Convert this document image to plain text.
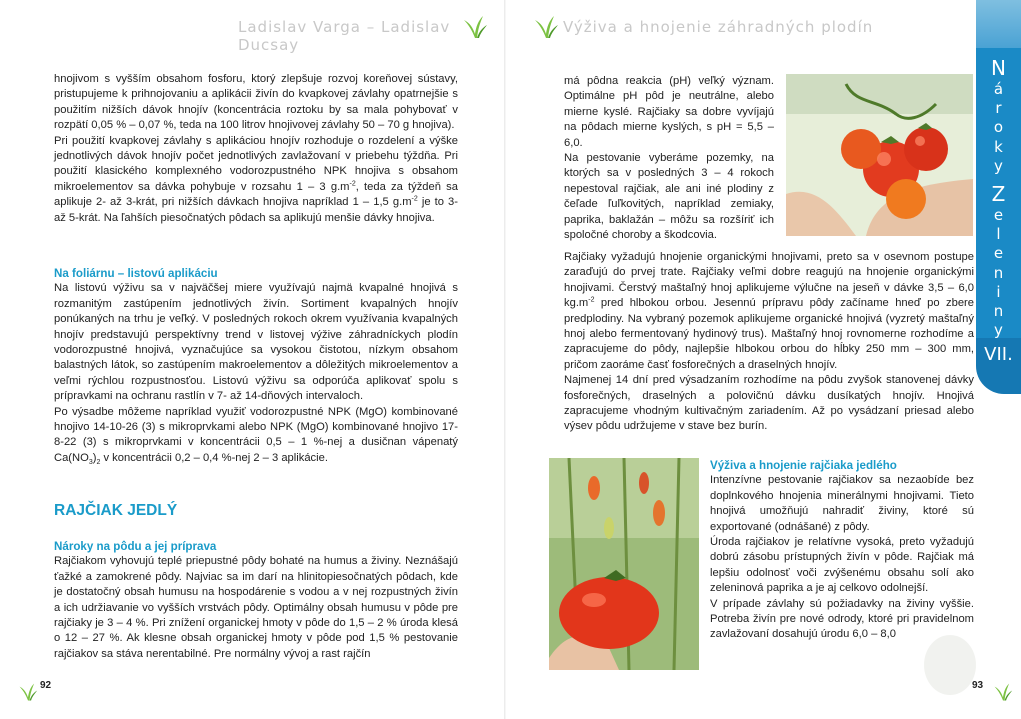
Ladislav Varga – Ladislav Ducsay

hnojivom s vyšším obsahom fosforu, ktorý zlepšuje rozvoj koreňovej sústavy, pristupujeme k prihnojovaniu a aplikácii živín do kvapkovej závlahy opatrnejšie s použitím nižších dávok hnojív (koncentrácia roztoku by sa mala pohybovať v rozpätí 0,05 % – 0,07 %, teda na 100 litrov hnojivovej závlahy 50 – 70 g hnojiva).

Pri použití kvapkovej závlahy s aplikáciou hnojív rozhoduje o rozdelení a výške jednotlivých dávok hnojív počet jednotlivých zavlažovaní v priebehu týždňa. Pri použití klasického komplexného vodorozpustného NPK hnojiva s obsahom mikroelementov sa dávka pohybuje v rozsahu 1 – 3 $g.m^{-2}$, teda za týždeň sa aplikuje 2- až 3-krát, pri nižších dávkach hnojiva napríklad 1 – 1,5 $g.m^{-2}$ je to 3- až 5-krát. Na ľahších piesočnatých pôdach sa aplikujú menšie dávky hnojiva.

Na foliárnu – listovú aplikáciu

Na listovú výživu sa v najväčšej miere využívajú najmä kvapalné hnojivá s rozmanitým zastúpením jednotlivých živín. Sortiment kvapalných hnojív ponúkaných na trhu je veľký. V posledných rokoch okrem využívania kvapalných hnojív predstavujú perspektívny trend v listovej výžive záhradníckych plodín vodorozpustné hnojivá, vyznačujúce sa vysokou čistotou, nízkym obsahom balastných látok, so zastúpením makroelementov a dôležitých mikroelementov a veľmi rýchlou rozpustnosťou. Listovú výživu sa odporúča aplikovať spolu s prípravkami na ochranu rastlín v 7- až 14-dňových intervaloch.

Po výsadbe môžeme napríklad využiť vodorozpustné NPK (MgO) kombinované hnojivo 14-10-26 (3) s mikroprvkami alebo NPK (MgO) kombinované hnojivo 17-8-22 (3) s mikroprvkami v koncentrácii 0,5 – 1 %-nej a dusičnan vápenatý $Ca(NO_3)_2$ v koncentrácii 0,2 – 0,4 %-nej 2 – 3 aplikácie.

RAJČIAK JEDLÝ

Nároky na pôdu a jej príprava

Rajčiakom vyhovujú teplé priepustné pôdy bohaté na humus a živiny. Neznášajú ťažké a zamokrené pôdy. Najviac sa im darí na hlinitopiesočnatých pôdach, kde je dostatočný obsah humusu na hospodárenie s vodou a v nej rozpustných živín a ich udržiavanie vo vyšších vrstvách pôdy. Optimálny obsah humusu v pôde pre rajčiaky je 3 – 4 %. Pri znížení organickej hmoty v pôde do 1,5 – 2 % úroda klesá o 12 – 27 %. Ak klesne obsah organickej hmoty v pôde pod 1,5 % pestovanie rajčiakov sa stáva nerentabilné. Pre normálny vývoj a rast rajčín

92
Výživa a hnojenie záhradných plodín

má pôdna reakcia (pH) veľký význam. Optimálne pH pôd je neutrálne, alebo mierne kyslé. Rajčiaky sa dobre vyvíjajú na pôdach mierne kyslých, s pH = 5,5 – 6,0.

Na pestovanie vyberáme pozemky, na ktorých sa v posledných 3 – 4 rokoch nepestoval rajčiak, ale ani iné plodiny z čeľade ľuľkovitých, napríklad zemiaky, paprika, baklažán – môžu sa rozšíriť ich spoločné choroby a škodcovia.

Rajčiaky vyžadujú hnojenie organickými hnojivami, preto sa v osevnom postupe zaraďujú do prvej trate. Rajčiaky veľmi dobre reagujú na hnojenie organickými hnojivami. Čerstvý maštaľný hnoj aplikujeme výlučne na jeseň v dávke 3,5 – 6,0 $kg.m^{-2}$ pred hlbokou orbou. Jesennú prípravu pôdy začíname hneď po zbere predplodiny. Na vybraný pozemok aplikujeme organické hnojivá (vyzretý maštaľný hnoj alebo fermentovaný hydinový trus). Maštaľný hnoj rovnomerne rozhodíme a zapracujeme do pôdy, najlepšie hlbokou orbou do hĺbky 250 mm – 300 mm, pričom zaoráme časť fosforečných a draselných hnojív.

Najmenej 14 dní pred výsadzaním rozhodíme na pôdu zvyšok stanovenej dávky fosforečných, draselných a polovičnú dávku dusíkatých hnojív. Hnojivá zapracujeme vhodným kultivačným zariadením. Až po vysádzaní priesad alebo výsev pôdu udržujeme v stave bez burín.

Výživa a hnojenie rajčiaka jedlého

Intenzívne pestovanie rajčiakov sa nezaobíde bez doplnkového hnojenia minerálnymi hnojivami. Tieto hnojivá umožňujú nahradiť živiny, ktoré sú exportované (odnášané) z pôdy.

Úroda rajčiakov je relatívne vysoká, preto vyžadujú dobrú zásobu prístupných živín v pôde. Rajčiak má lepšiu odolnosť voči zvýšenému obsahu solí ako zeleninová paprika a je aj celkovo odolnejší.

V prípade závlahy sú požiadavky na živiny vyššie. Potreba živín pre nové odrody, ktoré pri pravidelnom zavlažovaní dosahujú úrodu 6,0 – 8,0

93
N
á
r
o
k
y
Z
e
l
e
n
i
n
y
VII.
